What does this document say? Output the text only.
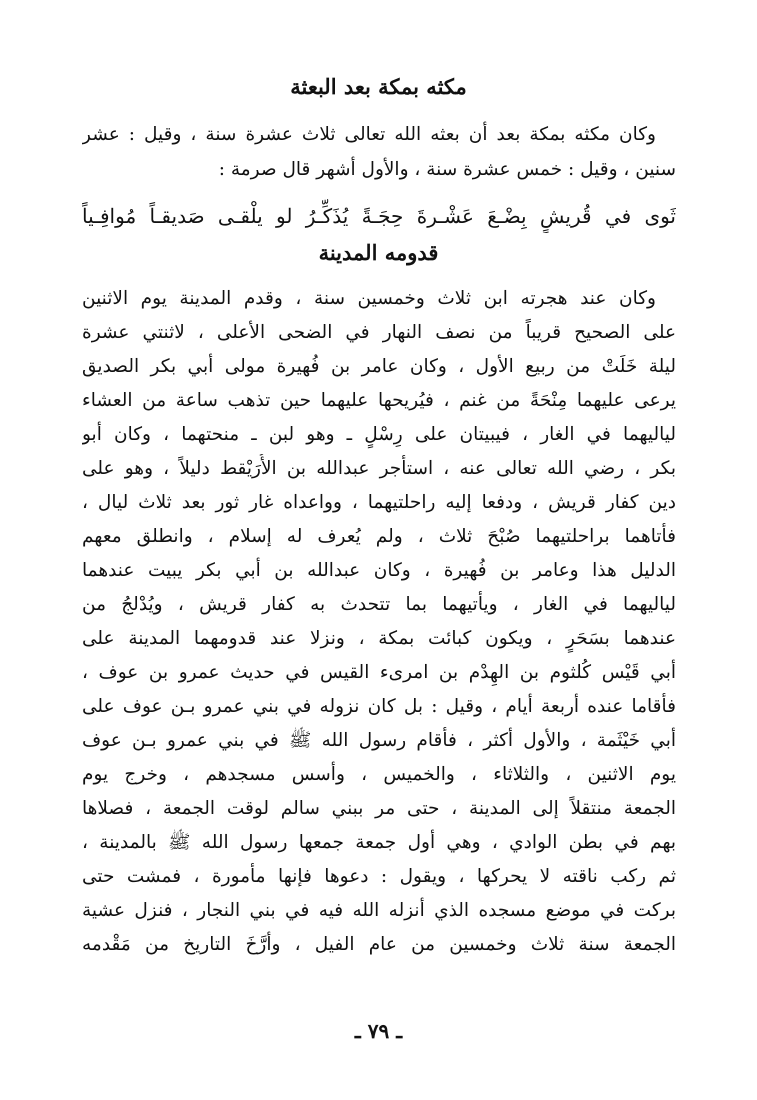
مكثه بمكة بعد البعثة
وكان مكثه بمكة بعد أن بعثه الله تعالى ثلاث عشرة سنة ، وقيل : عشر
سنين ، وقيل : خمس عشرة سنة ، والأول أشهر قال صرمة :
ثَوى في قُريشٍ بِضْـعَ عَشْـرةَ حِجَـةً يُذَكِّـرُ لو يلْقـى صَديقـاً مُوافِـياً
قدومه المدينة
وكان عند هجرته ابن ثلاث وخمسين سنة ، وقدم المدينة يوم الاثنين
على الصحيح قريباً من نصف النهار في الضحى الأعلى ، لاثنتي عشرة
ليلة خَلَتْ من ربيع الأول ، وكان عامر بن فُهيرة مولى أبي بكر الصديق
يرعى عليهما مِنْحَةً من غنم ، فيُريحها عليهما حين تذهب ساعة من العشاء
لياليهما في الغار ، فيبيتان على رِسْلٍ ـ وهو لبن ـ منحتهما ، وكان أبو
بكر ، رضي الله تعالى عنه ، استأجر عبدالله بن الأُرَيْقط دليلاً ، وهو على
دين كفار قريش ، ودفعا إليه راحلتيهما ، وواعداه غار ثور بعد ثلاث ليال ،
فأتاهما براحلتيهما صُبْحَ ثلاث ، ولم يُعرف له إسلام ، وانطلق معهم
الدليل هذا وعامر بن فُهيرة ، وكان عبدالله بن أبي بكر يبيت عندهما
لياليهما في الغار ، ويأتيهما بما تتحدث به كفار قريش ، ويُدْلجُ من
عندهما بسَحَرٍ ، ويكون كبائت بمكة ، ونزلا عند قدومهما المدينة على
أبي قَيْس كُلثوم بن الهِدْم بن امرىء القيس في حديث عمرو بن عوف ،
فأقاما عنده أربعة أيام ، وقيل : بل كان نزوله في بني عمرو بـن عوف على
أبي خَيْثَمة ، والأول أكثر ، فأقام رسول الله ﷺ في بني عمرو بـن عوف
يوم الاثنين ، والثلاثاء ، والخميس ، وأسس مسجدهم ، وخرج يوم
الجمعة منتقلاً إلى المدينة ، حتى مر ببني سالم لوقت الجمعة ، فصلاها
بهم في بطن الوادي ، وهي أول جمعة جمعها رسول الله ﷺ بالمدينة ،
ثم ركب ناقته لا يحركها ، ويقول : دعوها فإنها مأمورة ، فمشت حتى
بركت في موضع مسجده الذي أنزله الله فيه في بني النجار ، فنزل عشية
الجمعة سنة ثلاث وخمسين من عام الفيل ، وأرَّخَ التاريخ من مَقْدمه
ـ ٧٩ ـ
